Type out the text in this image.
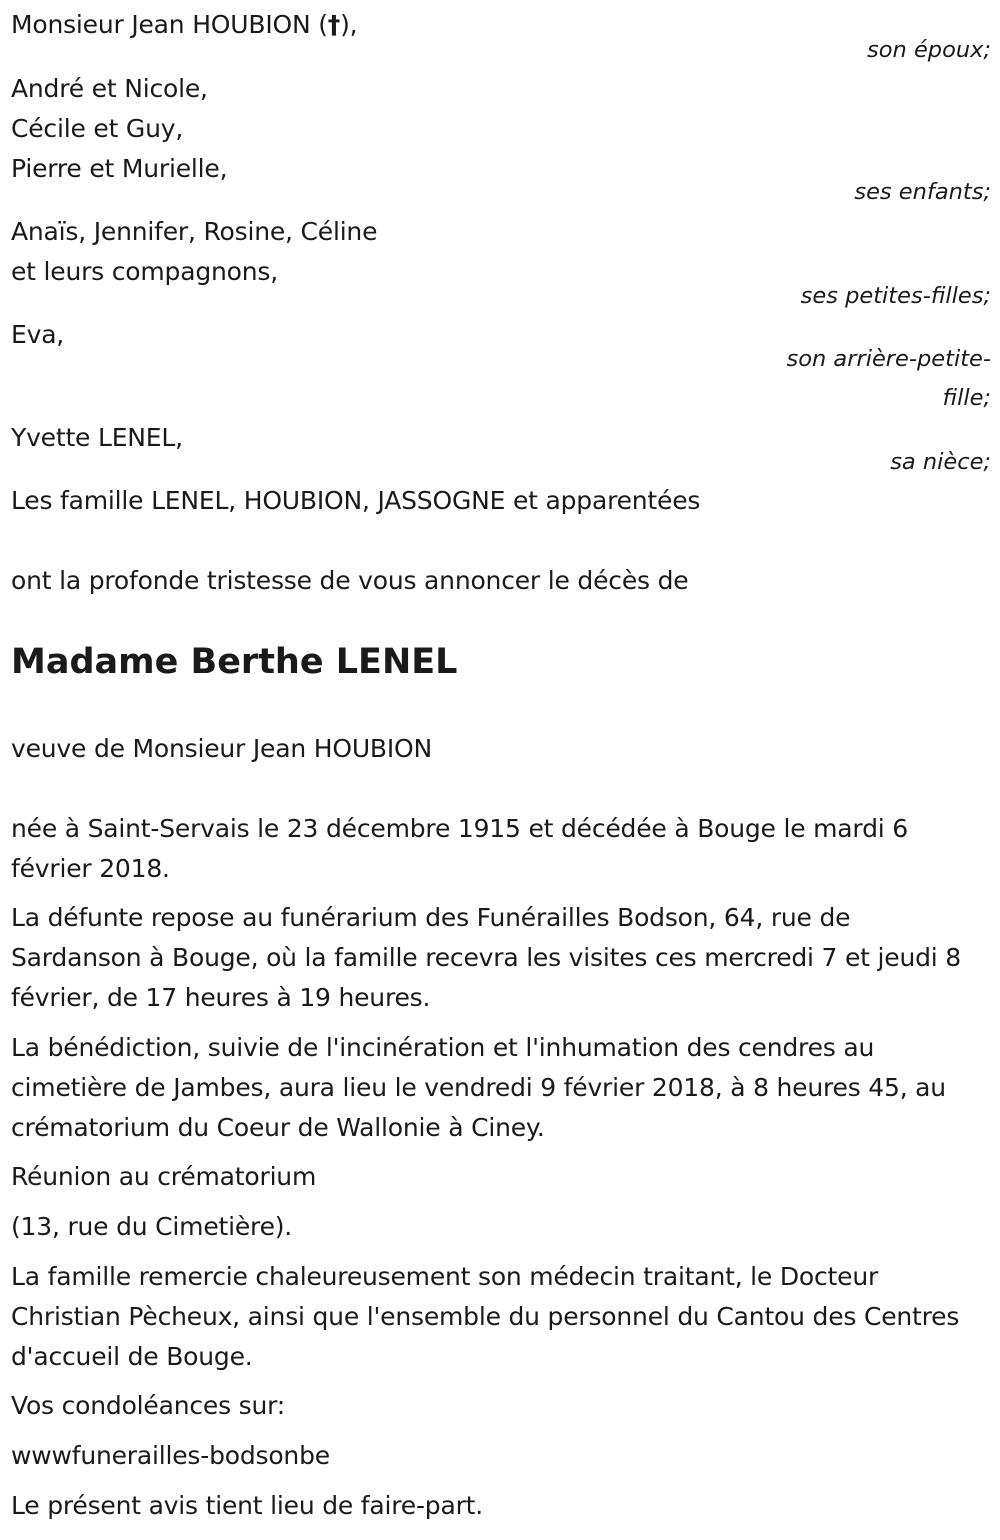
Monsieur Jean HOUBION (†),
son époux;
André et Nicole,
Cécile et Guy,
Pierre et Murielle,
ses enfants;
Anaïs, Jennifer, Rosine, Céline
et leurs compagnons,
ses petites-filles;
Eva,
son arrière-petite-
fille;
Yvette LENEL,
sa nièce;
Les famille LENEL, HOUBION, JASSOGNE et apparentées
ont la profonde tristesse de vous annoncer le décès de
Madame Berthe LENEL
veuve de Monsieur Jean HOUBION
née à Saint-Servais le 23 décembre 1915 et décédée à Bouge le mardi 6 février 2018.
La défunte repose au funérarium des Funérailles Bodson, 64, rue de Sardanson à Bouge, où la famille recevra les visites ces mercredi 7 et jeudi 8 février, de 17 heures à 19 heures.
La bénédiction, suivie de l'incinération et l'inhumation des cendres au cimetière de Jambes, aura lieu le vendredi 9 février 2018, à 8 heures 45, au crématorium du Coeur de Wallonie à Ciney.
Réunion au crématorium
(13, rue du Cimetière).
La famille remercie chaleureusement son médecin traitant, le Docteur Christian Pècheux, ainsi que l'ensemble du personnel du Cantou des Centres d'accueil de Bouge.
Vos condoléances sur:
wwwfunerailles-bodsonbe
Le présent avis tient lieu de faire-part.
